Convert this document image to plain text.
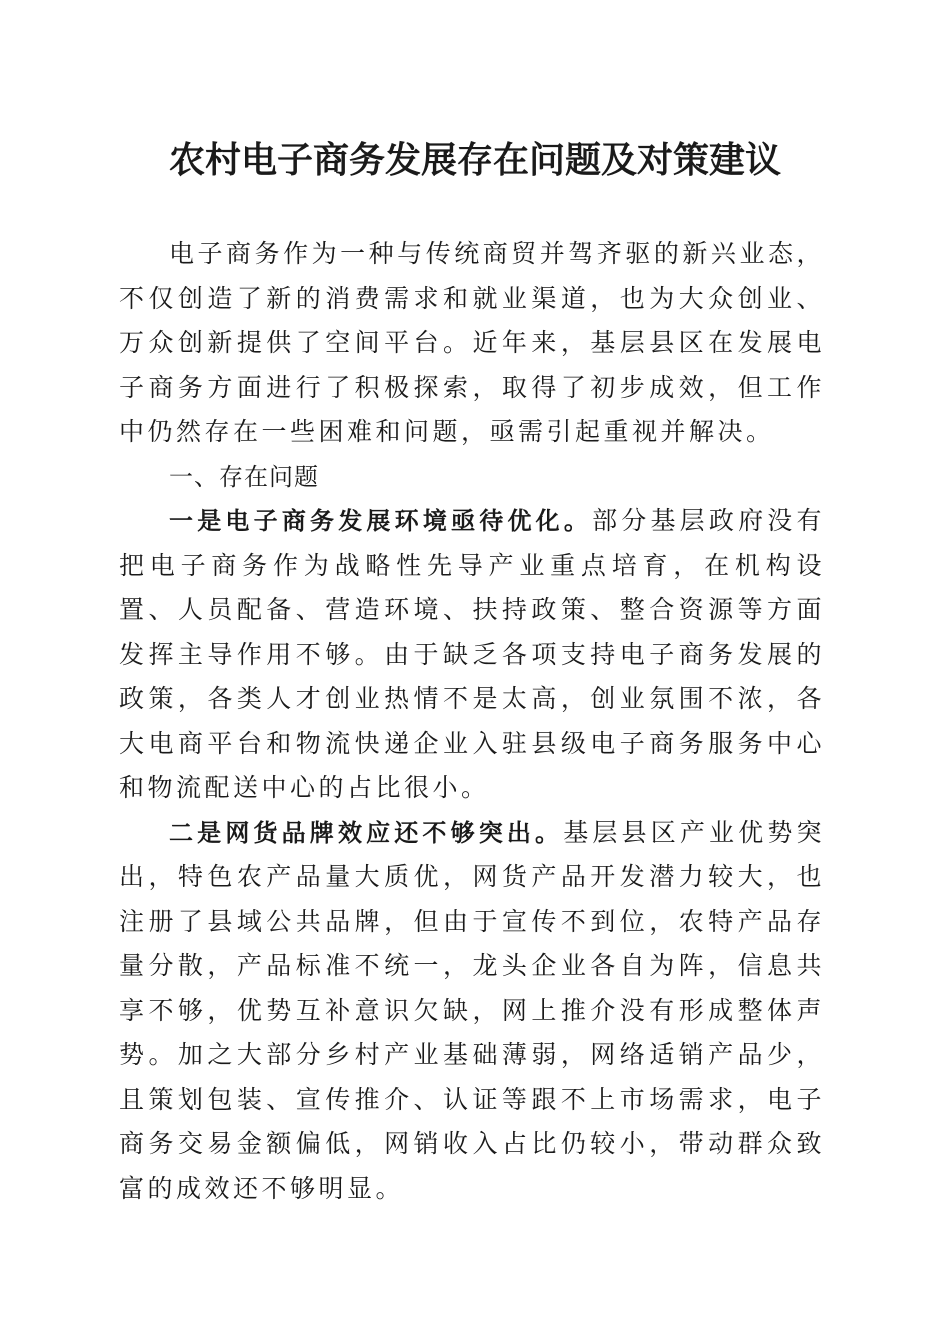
农村电子商务发展存在问题及对策建议

电子商务作为一种与传统商贸并驾齐驱的新兴业态，不仅创造了新的消费需求和就业渠道，也为大众创业、万众创新提供了空间平台。近年来，基层县区在发展电子商务方面进行了积极探索，取得了初步成效，但工作中仍然存在一些困难和问题，亟需引起重视并解决。

一、存在问题

一是电子商务发展环境亟待优化。部分基层政府没有把电子商务作为战略性先导产业重点培育，在机构设置、人员配备、营造环境、扶持政策、整合资源等方面发挥主导作用不够。由于缺乏各项支持电子商务发展的政策，各类人才创业热情不是太高，创业氛围不浓，各大电商平台和物流快递企业入驻县级电子商务服务中心和物流配送中心的占比很小。

二是网货品牌效应还不够突出。基层县区产业优势突出，特色农产品量大质优，网货产品开发潜力较大，也注册了县域公共品牌，但由于宣传不到位，农特产品存量分散，产品标准不统一，龙头企业各自为阵，信息共享不够，优势互补意识欠缺，网上推介没有形成整体声势。加之大部分乡村产业基础薄弱，网络适销产品少，且策划包装、宣传推介、认证等跟不上市场需求，电子商务交易金额偏低，网销收入占比仍较小，带动群众致富的成效还不够明显。
